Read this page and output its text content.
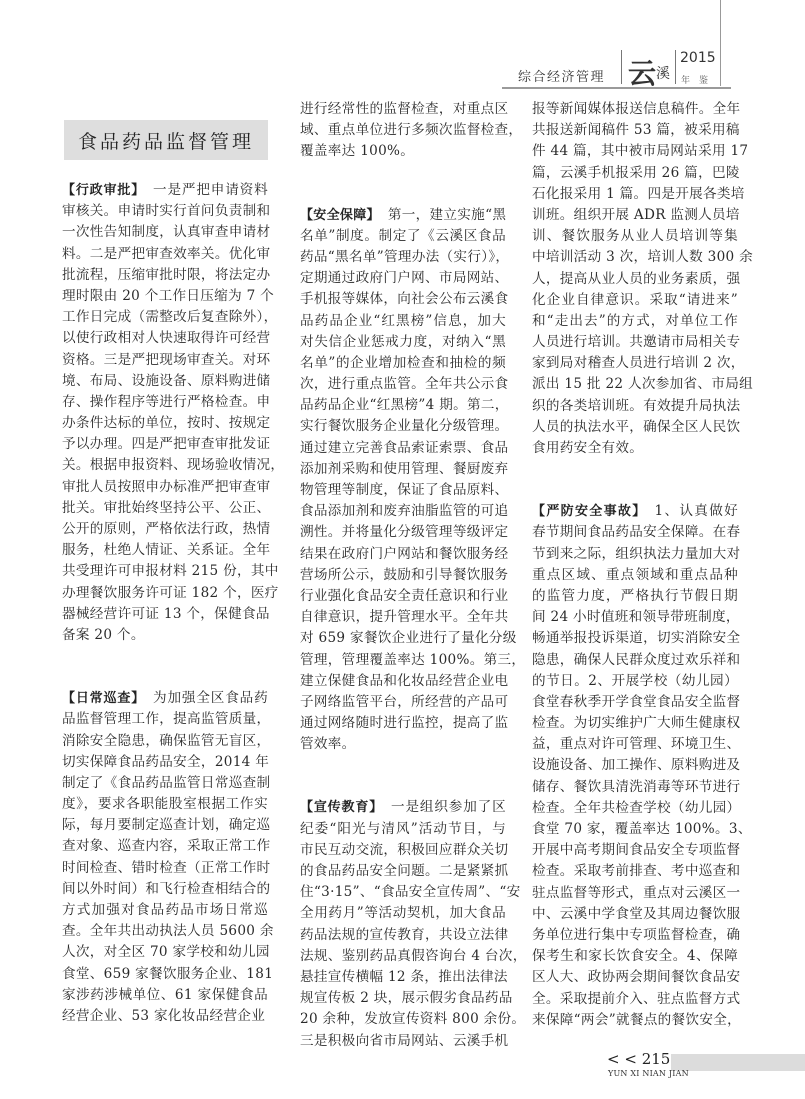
综合经济管理 云 溪
2015
年鉴
食品药品监督管理
【行政审批】 一是严把申请资料
审核关。申请时实行首问负责制和
一次性告知制度，认真审查申请材
料。二是严把审查效率关。优化审
批流程，压缩审批时限，将法定办
理时限由 20 个工作日压缩为 7 个
工作日完成（需整改后复查除外），
以使行政相对人快速取得许可经营
资格。三是严把现场审查关。对环
境、布局、设施设备、原料购进储
存、操作程序等进行严格检查。申
办条件达标的单位，按时、按规定
予以办理。四是严把审查审批发证
关。根据申报资料、现场验收情况，
审批人员按照申办标准严把审查审
批关。审批始终坚持公平、公正、
公开的原则，严格依法行政，热情
服务，杜绝人情证、关系证。全年
共受理许可申报材料 215 份，其中
办理餐饮服务许可证 182 个，医疗
器械经营许可证 13 个，保健食品
备案 20 个。
【日常巡查】 为加强全区食品药
品监督管理工作，提高监管质量，
消除安全隐患，确保监管无盲区，
切实保障食品药品安全，2014 年
制定了《食品药品监管日常巡查制
度》，要求各职能股室根据工作实
际，每月要制定巡查计划，确定巡
查对象、巡查内容，采取正常工作
时间检查、错时检查（正常工作时
间以外时间）和飞行检查相结合的
方式加强对食品药品市场日常巡
查。全年共出动执法人员 5600 余
人次，对全区 70 家学校和幼儿园
食堂、659 家餐饮服务企业、181
家涉药涉械单位、61 家保健食品
经营企业、53 家化妆品经营企业
进行经常性的监督检查，对重点区
域、重点单位进行多频次监督检查，
覆盖率达 100%。
【安全保障】 第一，建立实施“黑
名单”制度。制定了《云溪区食品
药品“黑名单”管理办法（实行）》，
定期通过政府门户网、市局网站、
手机报等媒体，向社会公布云溪食
品药品企业“红黑榜”信息，加大
对失信企业惩戒力度，对纳入“黑
名单”的企业增加检查和抽检的频
次，进行重点监管。全年共公示食
品药品企业“红黑榜”4 期。第二，
实行餐饮服务企业量化分级管理。
通过建立完善食品索证索票、食品
添加剂采购和使用管理、餐厨废弃
物管理等制度，保证了食品原料、
食品添加剂和废弃油脂监管的可追
溯性。并将量化分级管理等级评定
结果在政府门户网站和餐饮服务经
营场所公示，鼓励和引导餐饮服务
行业强化食品安全责任意识和行业
自律意识，提升管理水平。全年共
对 659 家餐饮企业进行了量化分级
管理，管理覆盖率达 100%。第三，
建立保健食品和化妆品经营企业电
子网络监管平台，所经营的产品可
通过网络随时进行监控，提高了监
管效率。
【宣传教育】 一是组织参加了区
纪委“阳光与清风”活动节目，与
市民互动交流，积极回应群众关切
的食品药品安全问题。二是紧紧抓
住“3·15”、“食品安全宣传周”、“安
全用药月”等活动契机，加大食品
药品法规的宣传教育，共设立法律
法规、鉴别药品真假咨询台 4 台次，
悬挂宣传横幅 12 条，推出法律法
规宣传板 2 块，展示假劣食品药品
20 余种，发放宣传资料 800 余份。
三是积极向省市局网站、云溪手机
报等新闻媒体报送信息稿件。全年
共报送新闻稿件 53 篇，被采用稿
件 44 篇，其中被市局网站采用 17
篇，云溪手机报采用 26 篇，巴陵
石化报采用 1 篇。四是开展各类培
训班。组织开展 ADR 监测人员培
训、餐饮服务从业人员培训等集
中培训活动 3 次，培训人数 300 余
人，提高从业人员的业务素质，强
化企业自律意识。采取“请进来”
和“走出去”的方式，对单位工作
人员进行培训。共邀请市局相关专
家到局对稽查人员进行培训 2 次，
派出 15 批 22 人次参加省、市局组
织的各类培训班。有效提升局执法
人员的执法水平，确保全区人民饮
食用药安全有效。
【严防安全事故】 1、认真做好
春节期间食品药品安全保障。在春
节到来之际，组织执法力量加大对
重点区域、重点领域和重点品种
的监管力度，严格执行节假日期
间 24 小时值班和领导带班制度，
畅通举报投诉渠道，切实消除安全
隐患，确保人民群众度过欢乐祥和
的节日。2、开展学校（幼儿园）
食堂春秋季开学食堂食品安全监督
检查。为切实维护广大师生健康权
益，重点对许可管理、环境卫生、
设施设备、加工操作、原料购进及
储存、餐饮具清洗消毒等环节进行
检查。全年共检查学校（幼儿园）
食堂 70 家，覆盖率达 100%。3、
开展中高考期间食品安全专项监督
检查。采取考前排查、考中巡查和
驻点监督等形式，重点对云溪区一
中、云溪中学食堂及其周边餐饮服
务单位进行集中专项监督检查，确
保考生和家长饮食安全。4、保障
区人大、政协两会期间餐饮食品安
全。采取提前介入、驻点监督方式
来保障“两会”就餐点的餐饮安全，
< < 215
YUN XI NIAN JIAN
